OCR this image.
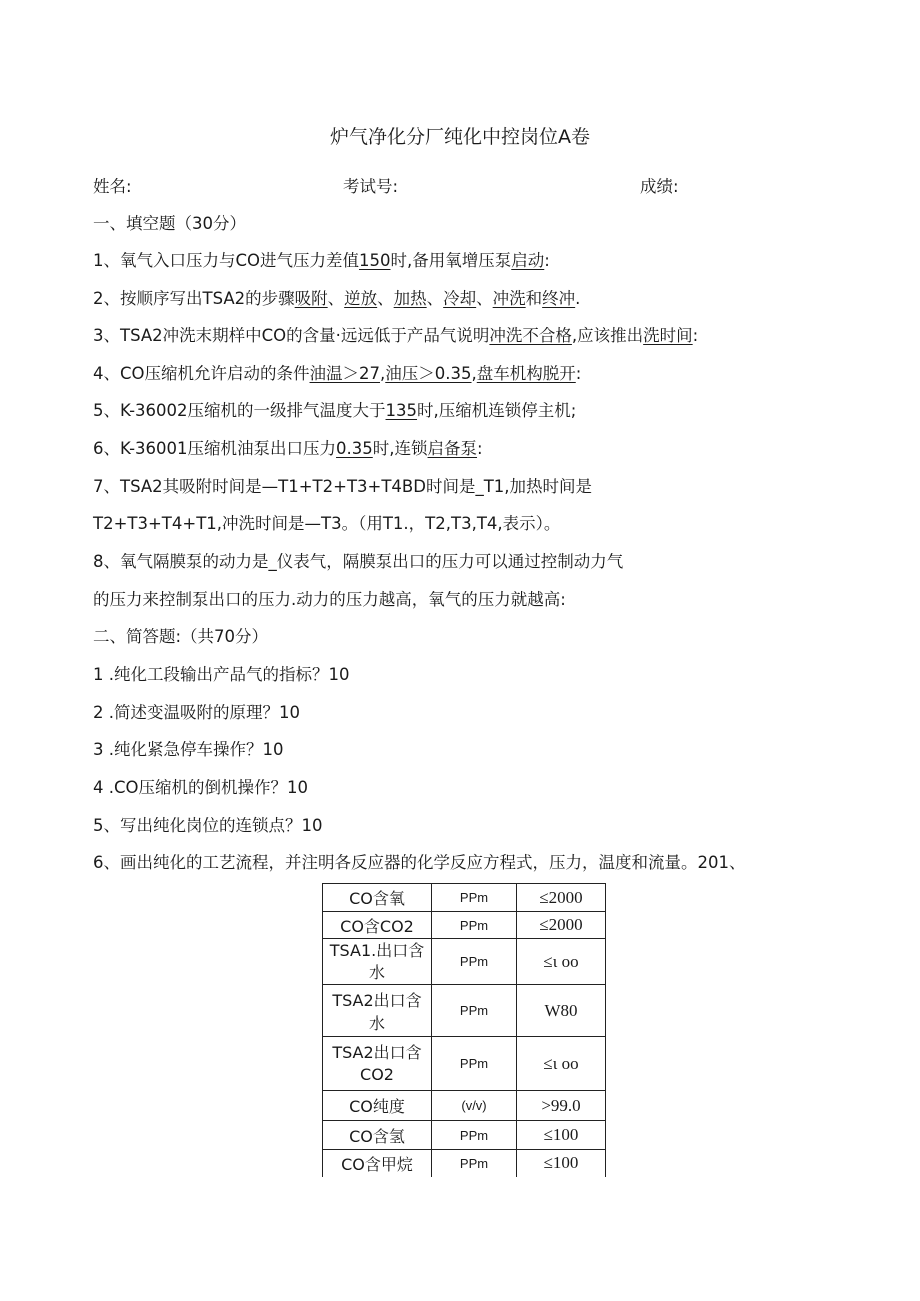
炉气净化分厂纯化中控岗位A卷
姓名:	考试号:	成绩:
一、填空题（30分）
1、氧气入口压力与CO进气压力差值150时,备用氧增压泵启动:
2、按顺序写出TSA2的步骤吸附、逆放、加热、冷却、冲洗和终冲.
3、TSA2冲洗末期样中CO的含量·远远低于产品气说明冲洗不合格,应该推出洗时间:
4、CO压缩机允许启动的条件油温＞27,油压＞0.35,盘车机构脱开:
5、K-36002压缩机的一级排气温度大于135时,压缩机连锁停主机;
6、K-36001压缩机油泵出口压力0.35时,连锁启备泵:
7、TSA2其吸附时间是—T1+T2+T3+T4BD时间是_T1,加热时间是
T2+T3+T4+T1,冲洗时间是—T3。（用T1.，T2,T3,T4,表示）。
8、氧气隔膜泵的动力是_仪表气，隔膜泵出口的压力可以通过控制动力气
的压力来控制泵出口的压力.动力的压力越高，氧气的压力就越高:
二、简答题:（共70分）
1 .纯化工段输出产品气的指标？10
2 .简述变温吸附的原理？10
3 .纯化紧急停车操作？10
4 .CO压缩机的倒机操作？10
5、写出纯化岗位的连锁点？10
6、画出纯化的工艺流程，并注明各反应器的化学反应方程式，压力，温度和流量。201、
CO含氧	PPm	≤2000
CO含CO2	PPm	≤2000
TSA1.出口含水	PPm	≤ι oo
TSA2出口含水	PPm	W80
TSA2出口含CO2	PPm	≤ι oo
CO纯度	(v/v)	>99.0
CO含氢	PPm	≤100
CO含甲烷	PPm	≤100
